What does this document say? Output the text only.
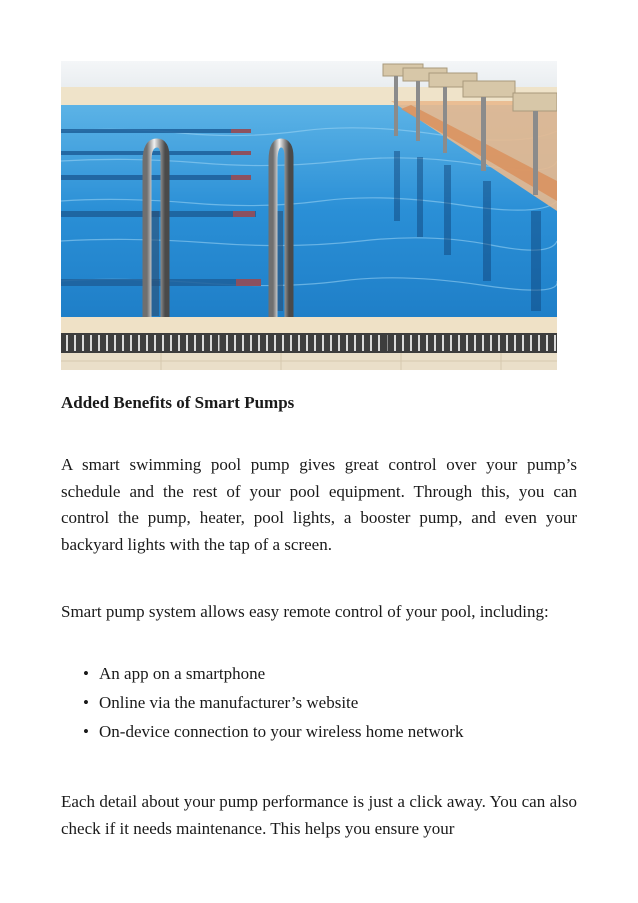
Added Benefits of Smart Pumps

A smart swimming pool pump gives great control over your pump’s schedule and the rest of your pool equipment. Through this, you can control the pump, heater, pool lights, a booster pump, and even your backyard lights with the tap of a screen.

Smart pump system allows easy remote control of your pool, including:

• An app on a smartphone
• Online via the manufacturer’s website
• On-device connection to your wireless home network

Each detail about your pump performance is just a click away. You can also check if it needs maintenance. This helps you ensure your
